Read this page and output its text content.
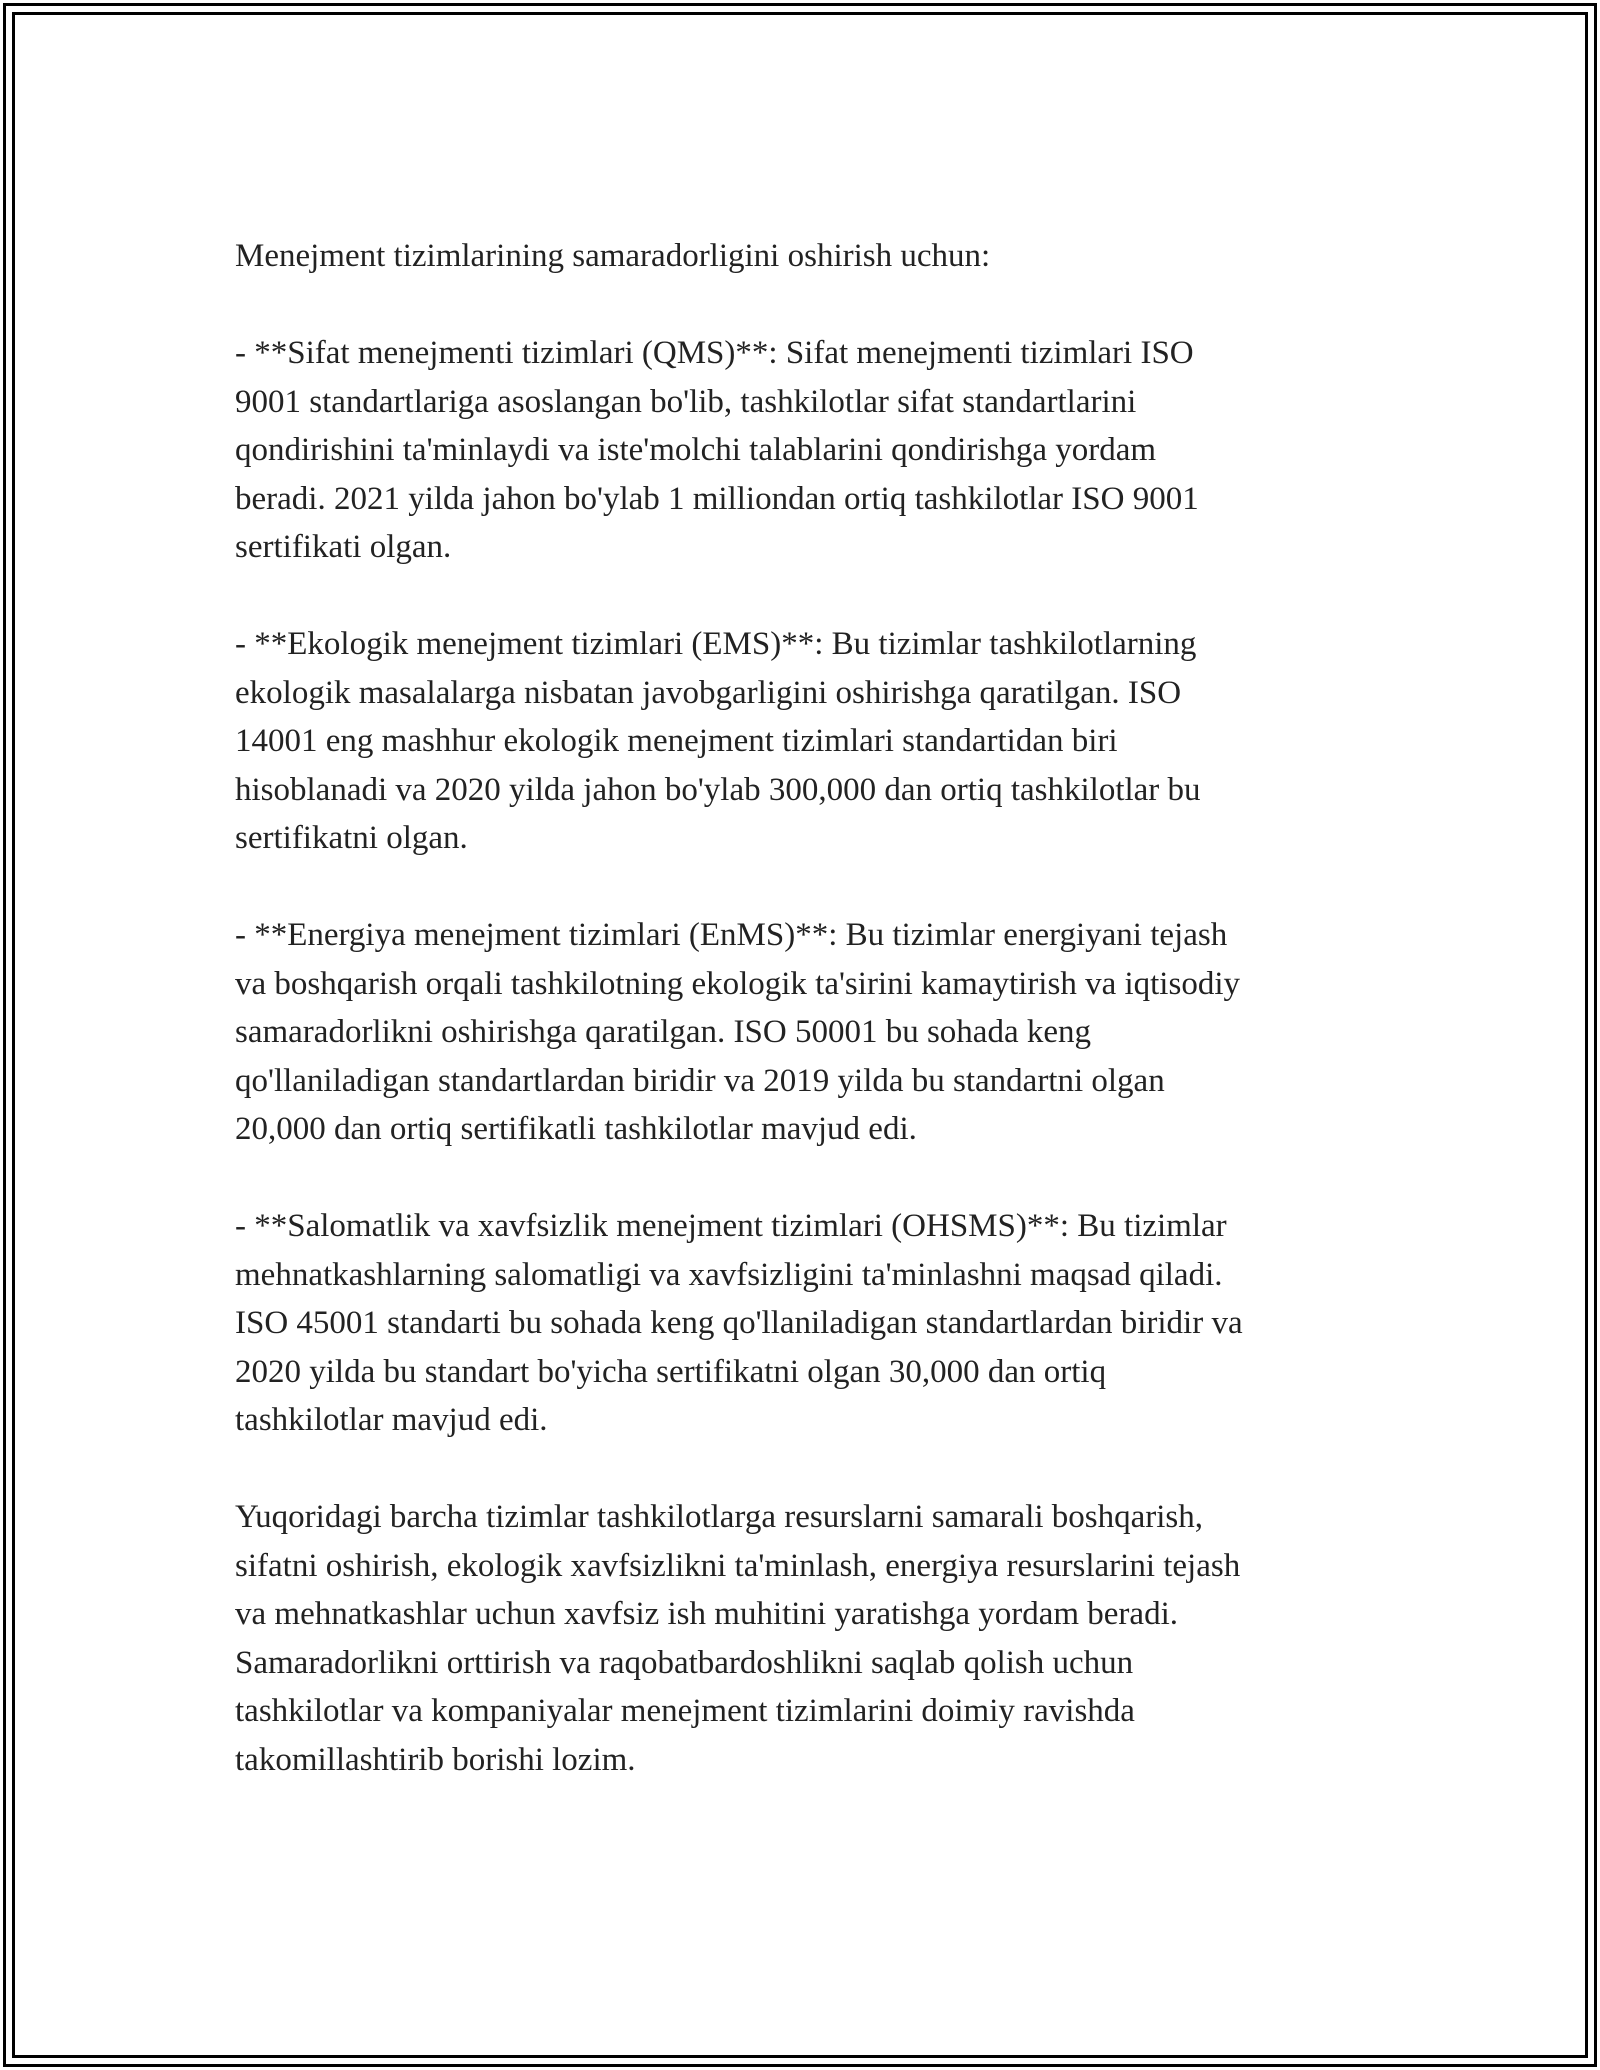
Menejment tizimlarining samaradorligini oshirish uchun:

- **Sifat menejmenti tizimlari (QMS)**: Sifat menejmenti tizimlari ISO
9001 standartlariga asoslangan bo'lib, tashkilotlar sifat standartlarini
qondirishini ta'minlaydi va iste'molchi talablarini qondirishga yordam
beradi. 2021 yilda jahon bo'ylab 1 milliondan ortiq tashkilotlar ISO 9001
sertifikati olgan.

- **Ekologik menejment tizimlari (EMS)**: Bu tizimlar tashkilotlarning
ekologik masalalarga nisbatan javobgarligini oshirishga qaratilgan. ISO
14001 eng mashhur ekologik menejment tizimlari standartidan biri
hisoblanadi va 2020 yilda jahon bo'ylab 300,000 dan ortiq tashkilotlar bu
sertifikatni olgan.

- **Energiya menejment tizimlari (EnMS)**: Bu tizimlar energiyani tejash
va boshqarish orqali tashkilotning ekologik ta'sirini kamaytirish va iqtisodiy
samaradorlikni oshirishga qaratilgan. ISO 50001 bu sohada keng
qo'llaniladigan standartlardan biridir va 2019 yilda bu standartni olgan
20,000 dan ortiq sertifikatli tashkilotlar mavjud edi.

- **Salomatlik va xavfsizlik menejment tizimlari (OHSMS)**: Bu tizimlar
mehnatkashlarning salomatligi va xavfsizligini ta'minlashni maqsad qiladi.
ISO 45001 standarti bu sohada keng qo'llaniladigan standartlardan biridir va
2020 yilda bu standart bo'yicha sertifikatni olgan 30,000 dan ortiq
tashkilotlar mavjud edi.

Yuqoridagi barcha tizimlar tashkilotlarga resurslarni samarali boshqarish,
sifatni oshirish, ekologik xavfsizlikni ta'minlash, energiya resurslarini tejash
va mehnatkashlar uchun xavfsiz ish muhitini yaratishga yordam beradi.
Samaradorlikni orttirish va raqobatbardoshlikni saqlab qolish uchun
tashkilotlar va kompaniyalar menejment tizimlarini doimiy ravishda
takomillashtirib borishi lozim.
